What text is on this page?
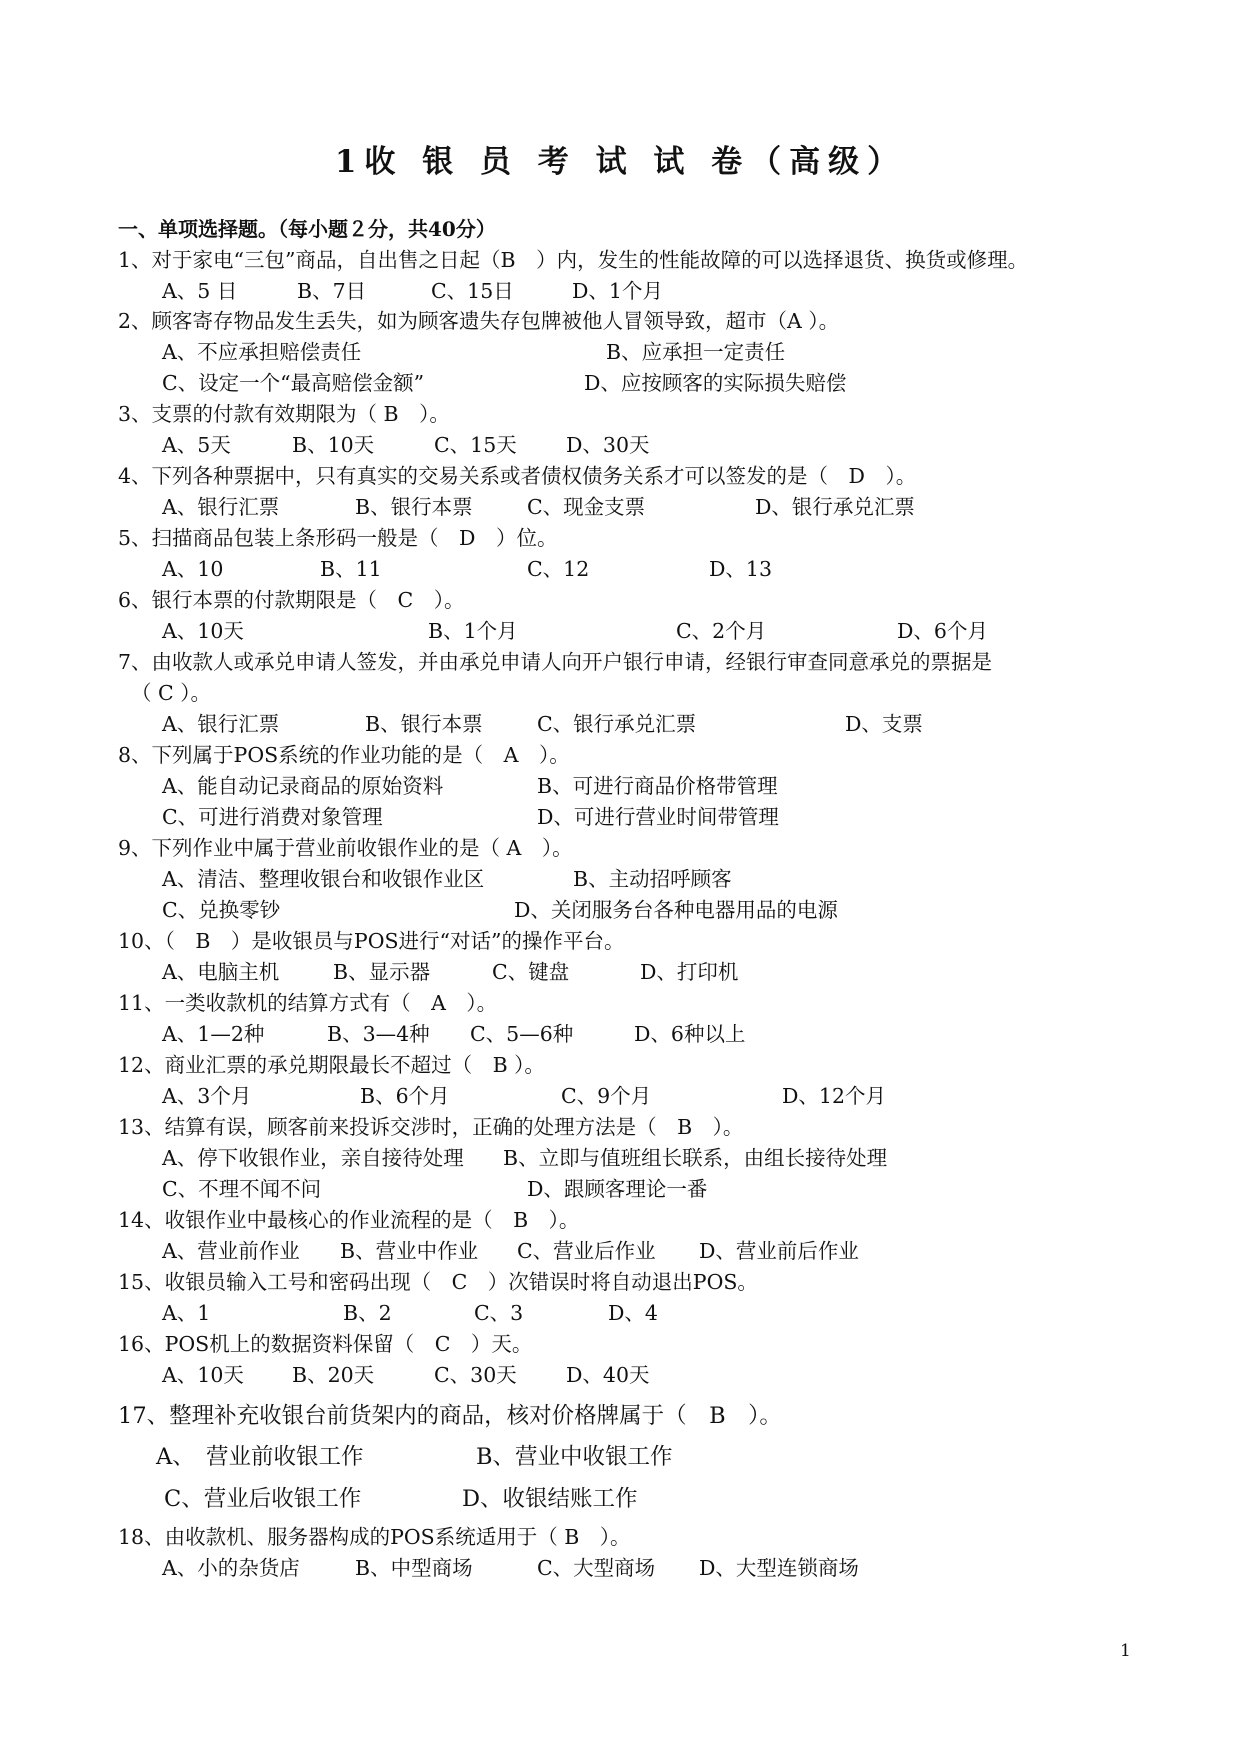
1收 银 员 考 试 试 卷（高级）
一、单项选择题。（每小题２分，共40分）
1、对于家电“三包”商品，自出售之日起（B　）内，发生的性能故障的可以选择退货、换货或修理。
A、5 日	B、7日	C、15日	D、1个月
2、顾客寄存物品发生丢失，如为顾客遗失存包牌被他人冒领导致，超市（A ）。
A、不应承担赔偿责任	B、应承担一定责任
C、设定一个“最高赔偿金额”	D、应按顾客的实际损失赔偿
3、支票的付款有效期限为（ B　）。
A、5天	B、10天	C、15天 D、30天
4、下列各种票据中，只有真实的交易关系或者债权债务关系才可以签发的是（　D　）。
A、银行汇票	B、银行本票	C、现金支票	D、银行承兑汇票
5、扫描商品包装上条形码一般是（　D　）位。
A、10	B、11	C、12	D、13
6、银行本票的付款期限是（　C　）。
A、10天	B、1个月	C、2个月	D、6个月
7、由收款人或承兑申请人签发，并由承兑申请人向开户银行申请，经银行审查同意承兑的票据是
（ C ）。
A、银行汇票	B、银行本票	C、银行承兑汇票	D、支票
8、下列属于POS系统的作业功能的是（　A　）。
A、能自动记录商品的原始资料	B、可进行商品价格带管理
C、可进行消费对象管理	D、可进行营业时间带管理
9、下列作业中属于营业前收银作业的是（ A　）。
A、清洁、整理收银台和收银作业区	B、主动招呼顾客
C、兑换零钞	D、关闭服务台各种电器用品的电源
10、（　B　）是收银员与POS进行“对话”的操作平台。
A、电脑主机	B、显示器	C、键盘	D、打印机
11、一类收款机的结算方式有（　A　）。
A、1—2种	B、3—4种 C、5—6种	D、6种以上
12、商业汇票的承兑期限最长不超过（　B ）。
A、3个月	B、6个月	C、9个月	D、12个月
13、结算有误，顾客前来投诉交涉时，正确的处理方法是（　B　）。
A、停下收银作业，亲自接待处理 B、立即与值班组长联系，由组长接待处理
C、不理不闻不问	D、跟顾客理论一番
14、收银作业中最核心的作业流程的是（　B　）。
A、营业前作业 B、营业中作业 C、营业后作业 D、营业前后作业
15、收银员输入工号和密码出现（　C　）次错误时将自动退出POS。
A、1	B、2	C、3	D、4
16、POS机上的数据资料保留（　C　）天。
A、10天 B、20天	C、30天 D、40天
17、整理补充收银台前货架内的商品，核对价格牌属于（　B　）。
A、　营业前收银工作	B、营业中收银工作
C、营业后收银工作	D、收银结账工作
18、由收款机、服务器构成的POS系统适用于（ B　）。
A、小的杂货店	B、中型商场	C、大型商场 D、大型连锁商场
1
